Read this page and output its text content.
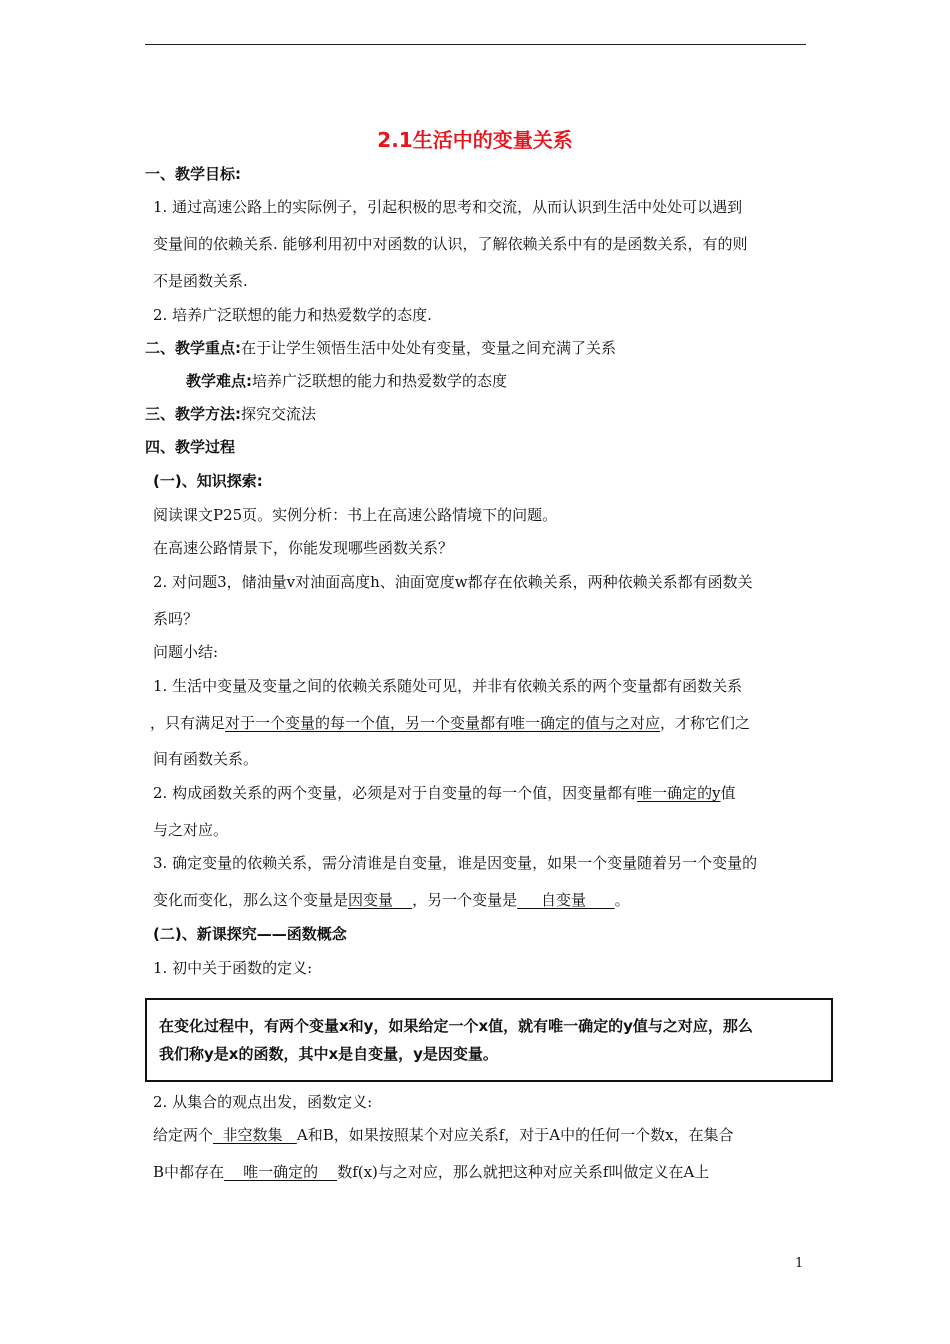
2.1生活中的变量关系
一、教学目标:
1. 通过高速公路上的实际例子，引起积极的思考和交流，从而认识到生活中处处可以遇到
变量间的依赖关系. 能够利用初中对函数的认识，了解依赖关系中有的是函数关系，有的则
不是函数关系.
2. 培养广泛联想的能力和热爱数学的态度.
二、教学重点:在于让学生领悟生活中处处有变量，变量之间充满了关系
教学难点:培养广泛联想的能力和热爱数学的态度
三、教学方法:探究交流法
四、教学过程
(一)、知识探索:
阅读课文P25页。实例分析：书上在高速公路情境下的问题。
在高速公路情景下，你能发现哪些函数关系？
2. 对问题3，储油量v对油面高度h、油面宽度w都存在依赖关系，两种依赖关系都有函数关
系吗？
问题小结:
1. 生活中变量及变量之间的依赖关系随处可见，并非有依赖关系的两个变量都有函数关系
，只有满足对于一个变量的每一个值，另一个变量都有唯一确定的值与之对应，才称它们之
间有函数关系。
2. 构成函数关系的两个变量，必须是对于自变量的每一个值，因变量都有唯一确定的y值
与之对应。
3. 确定变量的依赖关系，需分清谁是自变量，谁是因变量，如果一个变量随着另一个变量的
变化而变化，那么这个变量是因变量    ，另一个变量是     自变量      。
(二)、新课探究——函数概念
1. 初中关于函数的定义:
在变化过程中，有两个变量x和y，如果给定一个x值，就有唯一确定的y值与之对应，那么
我们称y是x的函数，其中x是自变量，y是因变量。
2. 从集合的观点出发，函数定义:
给定两个  非空数集   A和B，如果按照某个对应关系f，对于A中的任何一个数x，在集合
B中都存在    唯一确定的    数f(x)与之对应，那么就把这种对应关系f叫做定义在A上
1
